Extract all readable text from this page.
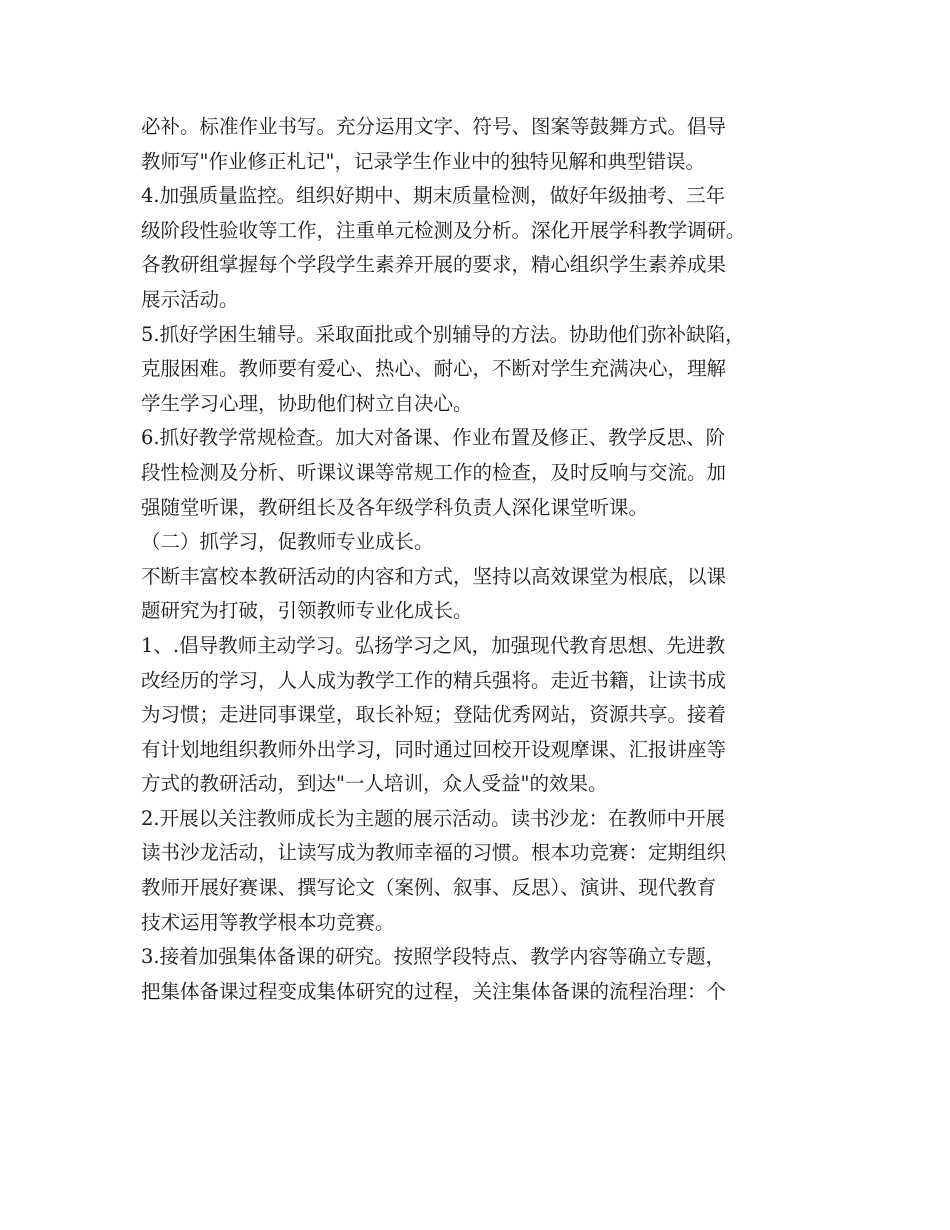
必补。标准作业书写。充分运用文字、符号、图案等鼓舞方式。倡导
教师写"作业修正札记"，记录学生作业中的独特见解和典型错误。
4.加强质量监控。组织好期中、期末质量检测，做好年级抽考、三年
级阶段性验收等工作，注重单元检测及分析。深化开展学科教学调研。
各教研组掌握每个学段学生素养开展的要求，精心组织学生素养成果
展示活动。
5.抓好学困生辅导。采取面批或个别辅导的方法。协助他们弥补缺陷，
克服困难。教师要有爱心、热心、耐心，不断对学生充满决心，理解
学生学习心理，协助他们树立自决心。
6.抓好教学常规检查。加大对备课、作业布置及修正、教学反思、阶
段性检测及分析、听课议课等常规工作的检查，及时反响与交流。加
强随堂听课，教研组长及各年级学科负责人深化课堂听课。
（二）抓学习，促教师专业成长。
不断丰富校本教研活动的内容和方式，坚持以高效课堂为根底，以课
题研究为打破，引领教师专业化成长。
1、.倡导教师主动学习。弘扬学习之风，加强现代教育思想、先进教
改经历的学习，人人成为教学工作的精兵强将。走近书籍，让读书成
为习惯；走进同事课堂，取长补短；登陆优秀网站，资源共享。接着
有计划地组织教师外出学习，同时通过回校开设观摩课、汇报讲座等
方式的教研活动，到达"一人培训，众人受益"的效果。
2.开展以关注教师成长为主题的展示活动。读书沙龙：在教师中开展
读书沙龙活动，让读写成为教师幸福的习惯。根本功竞赛：定期组织
教师开展好赛课、撰写论文（案例、叙事、反思）、演讲、现代教育
技术运用等教学根本功竞赛。
3.接着加强集体备课的研究。按照学段特点、教学内容等确立专题，
把集体备课过程变成集体研究的过程，关注集体备课的流程治理：个
